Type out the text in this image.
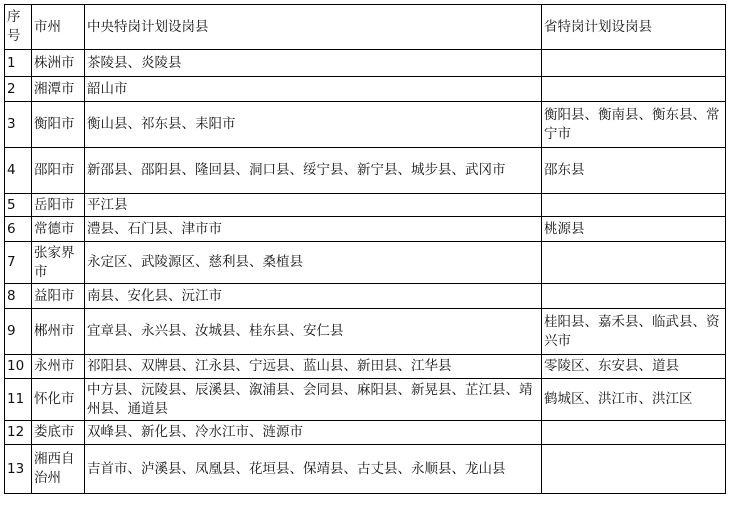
序号	市州	中央特岗计划设岗县	省特岗计划设岗县
1	株洲市	茶陵县、炎陵县	
2	湘潭市	韶山市	
3	衡阳市	衡山县、祁东县、耒阳市	衡阳县、衡南县、衡东县、常宁市
4	邵阳市	新邵县、邵阳县、隆回县、洞口县、绥宁县、新宁县、城步县、武冈市	邵东县
5	岳阳市	平江县	
6	常德市	澧县、石门县、津市市	桃源县
7	张家界市	永定区、武陵源区、慈利县、桑植县	
8	益阳市	南县、安化县、沅江市	
9	郴州市	宜章县、永兴县、汝城县、桂东县、安仁县	桂阳县、嘉禾县、临武县、资兴市
10	永州市	祁阳县、双牌县、江永县、宁远县、蓝山县、新田县、江华县	零陵区、东安县、道县
11	怀化市	中方县、沅陵县、辰溪县、溆浦县、会同县、麻阳县、新晃县、芷江县、靖州县、通道县	鹤城区、洪江市、洪江区
12	娄底市	双峰县、新化县、冷水江市、涟源市	
13	湘西自治州	吉首市、泸溪县、凤凰县、花垣县、保靖县、古丈县、永顺县、龙山县	
